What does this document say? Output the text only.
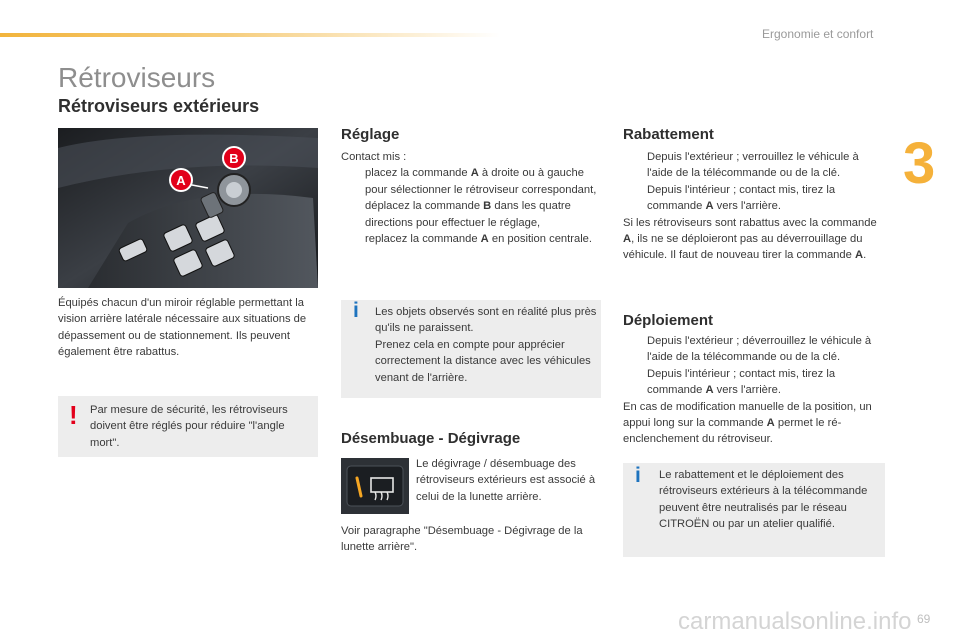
Ergonomie et confort
3
Rétroviseurs
Rétroviseurs extérieurs
A
B
Équipés chacun d'un miroir réglable permettant la vision arrière latérale nécessaire aux situations de dépassement ou de stationnement. Ils peuvent également être rabattus.
! Par mesure de sécurité, les rétroviseurs doivent être réglés pour réduire "l'angle mort".
Réglage

Contact mis :

placez la commande A à droite ou à gauche pour sélectionner le rétroviseur correspondant,
déplacez la commande B dans les quatre directions pour effectuer le réglage,
replacez la commande A en position centrale.
i Les objets observés sont en réalité plus près qu'ils ne paraissent.
Prenez cela en compte pour apprécier correctement la distance avec les véhicules venant de l'arrière.
Désembuage - Dégivrage
Le dégivrage / désembuage des rétroviseurs extérieurs est associé à celui de la lunette arrière.
Voir paragraphe "Désembuage - Dégivrage de la lunette arrière".
Rabattement
Depuis l'extérieur ; verrouillez le véhicule à l'aide de la télécommande ou de la clé.
Depuis l'intérieur ; contact mis, tirez la commande A vers l'arrière.

Si les rétroviseurs sont rabattus avec la commande A, ils ne se déploieront pas au déverrouillage du véhicule. Il faut de nouveau tirer la commande A.

Déploiement
Depuis l'extérieur ; déverrouillez le véhicule à l'aide de la télécommande ou de la clé.
Depuis l'intérieur ; contact mis, tirez la commande A vers l'arrière.

En cas de modification manuelle de la position, un appui long sur la commande A permet le ré-enclenchement du rétroviseur.

i Le rabattement et le déploiement des rétroviseurs extérieurs à la télécommande peuvent être neutralisés par le réseau CITROËN ou par un atelier qualifié.
carmanualsonline.info 69
